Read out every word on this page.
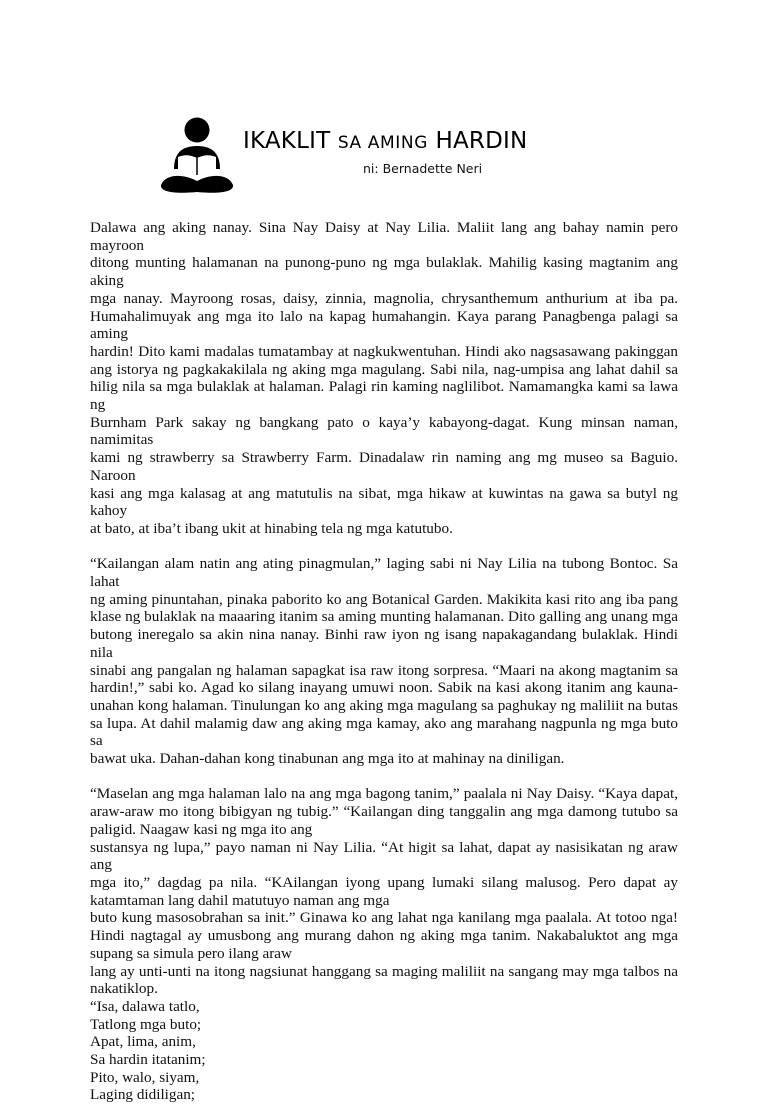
IKAKLIT SA AMING HARDIN
ni: Bernadette Neri
Dalawa ang aking nanay. Sina Nay Daisy at Nay Lilia. Maliit lang ang bahay namin pero mayroon
ditong munting halamanan na punong-puno ng mga bulaklak. Mahilig kasing magtanim ang aking
mga nanay. Mayroong rosas, daisy, zinnia, magnolia, chrysanthemum anthurium at iba pa.
Humahalimuyak ang mga ito lalo na kapag humahangin. Kaya parang Panagbenga palagi sa aming
hardin! Dito kami madalas tumatambay at nagkukwentuhan. Hindi ako nagsasawang pakinggan
ang istorya ng pagkakakilala ng aking mga magulang. Sabi nila, nag-umpisa ang lahat dahil sa
hilig nila sa mga bulaklak at halaman. Palagi rin kaming naglilibot. Namamangka kami sa lawa ng
Burnham Park sakay ng bangkang pato o kaya’y kabayong-dagat. Kung minsan naman, namimitas
kami ng strawberry sa Strawberry Farm. Dinadalaw rin naming ang mg museo sa Baguio. Naroon
kasi ang mga kalasag at ang matutulis na sibat, mga hikaw at kuwintas na gawa sa butyl ng kahoy
at bato, at iba’t ibang ukit at hinabing tela ng mga katutubo.
“Kailangan alam natin ang ating pinagmulan,” laging sabi ni Nay Lilia na tubong Bontoc. Sa lahat
ng aming pinuntahan, pinaka paborito ko ang Botanical Garden. Makikita kasi rito ang iba pang
klase ng bulaklak na maaaring itanim sa aming munting halamanan. Dito galling ang unang mga
butong ineregalo sa akin nina nanay. Binhi raw iyon ng isang napakagandang bulaklak. Hindi nila
sinabi ang pangalan ng halaman sapagkat isa raw itong sorpresa. “Maari na akong magtanim sa
hardin!,” sabi ko. Agad ko silang inayang umuwi noon. Sabik na kasi akong itanim ang kauna-
unahan kong halaman. Tinulungan ko ang aking mga magulang sa paghukay ng maliliit na butas
sa lupa. At dahil malamig daw ang aking mga kamay, ako ang marahang nagpunla ng mga buto sa
bawat uka. Dahan-dahan kong tinabunan ang mga ito at mahinay na diniligan.
“Maselan ang mga halaman lalo na ang mga bagong tanim,” paalala ni Nay Daisy. “Kaya dapat,
araw-araw mo itong bibigyan ng tubig.” “Kailangan ding tanggalin ang mga damong tutubo sa
paligid. Naagaw kasi ng mga ito ang
sustansya ng lupa,” payo naman ni Nay Lilia. “At higit sa lahat, dapat ay nasisikatan ng araw ang
mga ito,” dagdag pa nila. “KAilangan iyong upang lumaki silang malusog. Pero dapat ay
katamtaman lang dahil matutuyo naman ang mga
buto kung masosobrahan sa init.” Ginawa ko ang lahat nga kanilang mga paalala. At totoo nga!
Hindi nagtagal ay umusbong ang murang dahon ng aking mga tanim. Nakabaluktot ang mga
supang sa simula pero ilang araw
lang ay unti-unti na itong nagsiunat hanggang sa maging maliliit na sangang may mga talbos na
nakatiklop.
“Isa, dalawa tatlo,
Tatlong mga buto;
Apat, lima, anim,
Sa hardin itatanim;
Pito, walo, siyam,
Laging didiligan;
